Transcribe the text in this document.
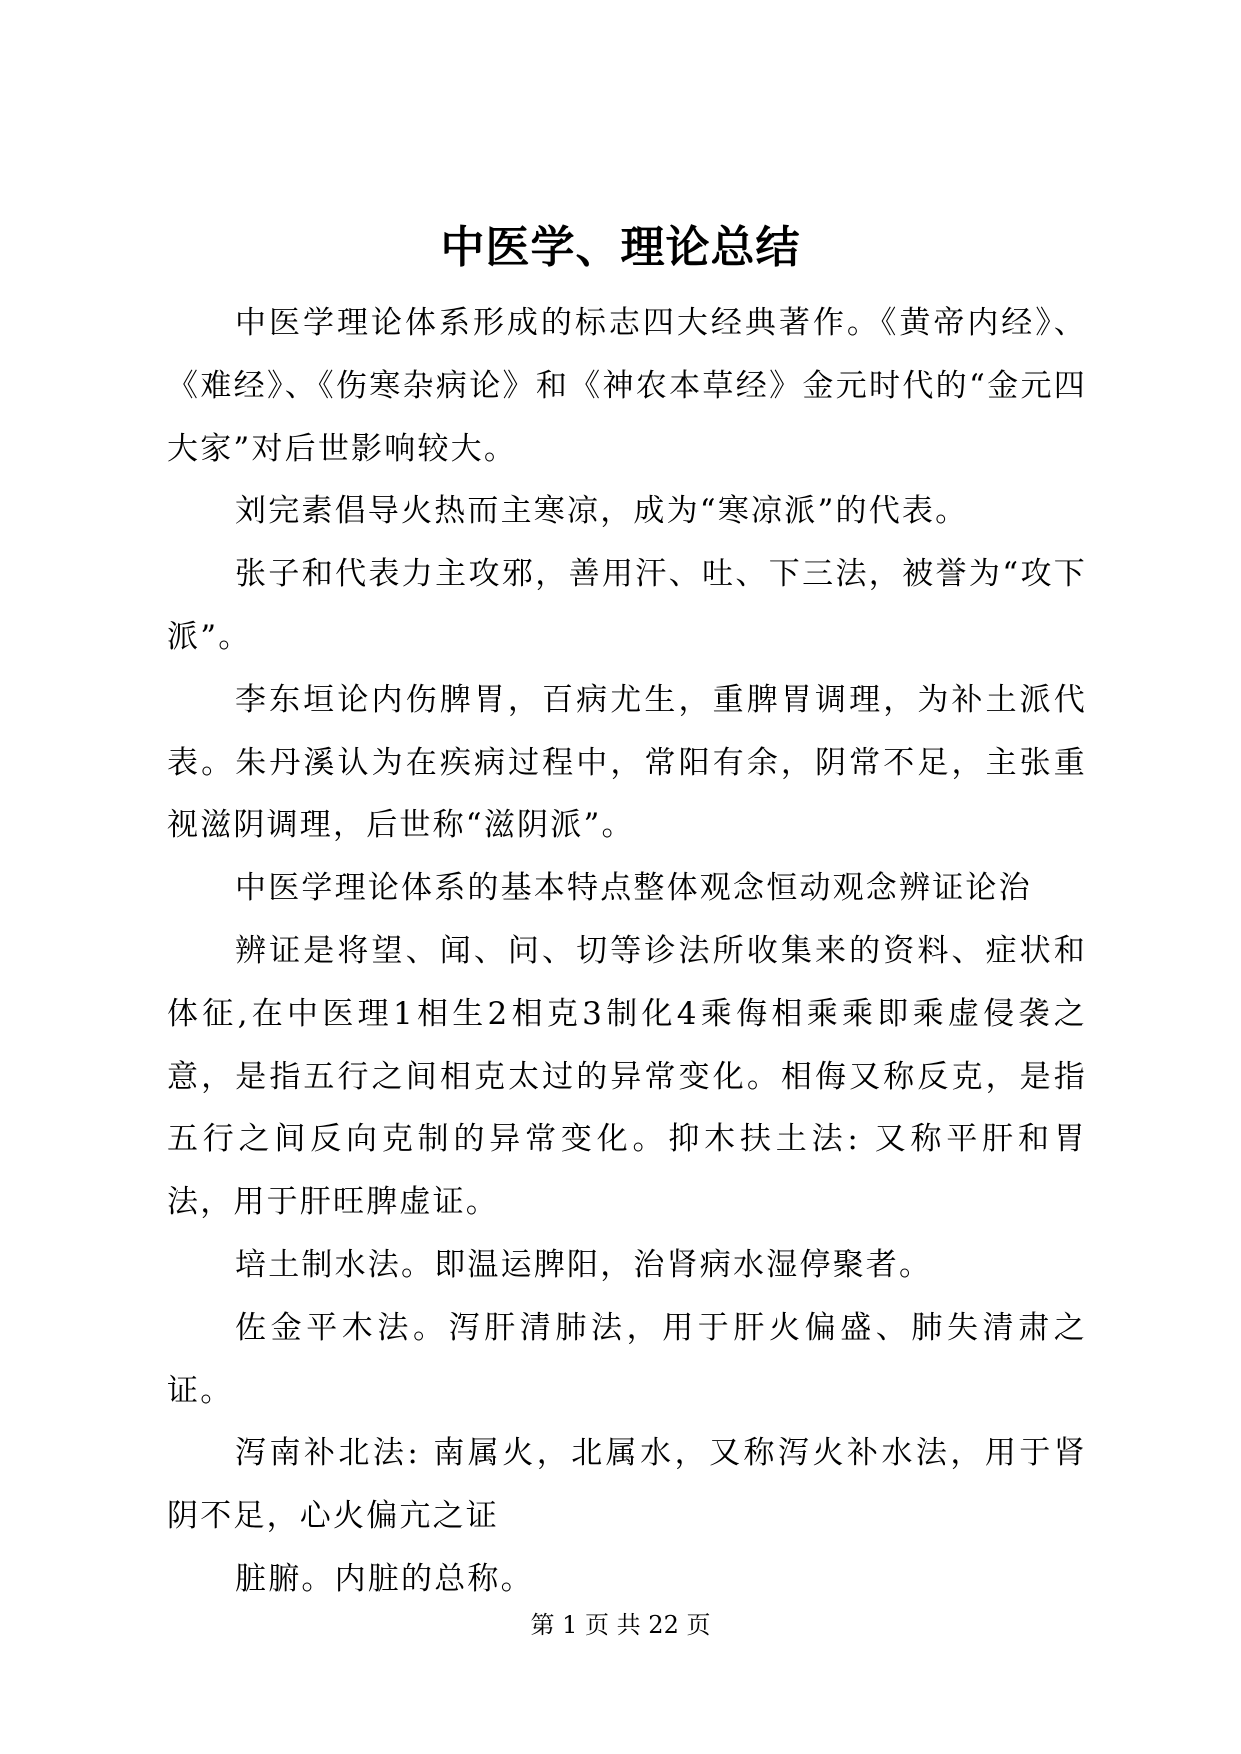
中医学、理论总结

中医学理论体系形成的标志四大经典著作。《黄帝内经》、《难经》、《伤寒杂病论》和《神农本草经》金元时代的“金元四大家”对后世影响较大。

刘完素倡导火热而主寒凉，成为“寒凉派”的代表。

张子和代表力主攻邪，善用汗、吐、下三法，被誉为“攻下派”。

李东垣论内伤脾胃，百病尤生，重脾胃调理，为补土派代表。朱丹溪认为在疾病过程中，常阳有余，阴常不足，主张重视滋阴调理，后世称“滋阴派”。

中医学理论体系的基本特点整体观念恒动观念辨证论治

辨证是将望、闻、问、切等诊法所收集来的资料、症状和体征,在中医理1相生2相克3制化4乘侮相乘乘即乘虚侵袭之意，是指五行之间相克太过的异常变化。相侮又称反克，是指五行之间反向克制的异常变化。抑木扶土法: 又称平肝和胃法，用于肝旺脾虚证。

培土制水法。即温运脾阳，治肾病水湿停聚者。

佐金平木法。泻肝清肺法，用于肝火偏盛、肺失清肃之证。

泻南补北法: 南属火，北属水，又称泻火补水法，用于肾阴不足，心火偏亢之证

脏腑。内脏的总称。

第 1 页 共 22 页
